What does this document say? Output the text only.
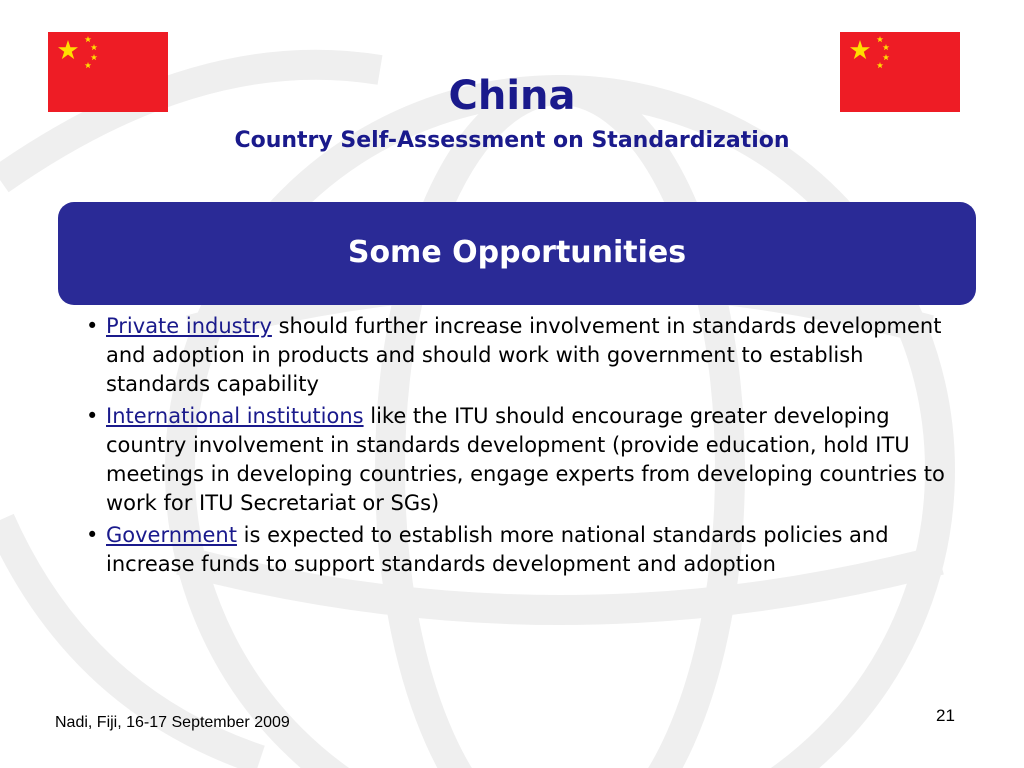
China
Country Self-Assessment on Standardization
Some Opportunities
• Private industry should further increase involvement in standards development and adoption in products and should work with government to establish standards capability
• International institutions like the ITU should encourage greater developing country involvement in standards development (provide education, hold ITU meetings in developing countries, engage experts from developing countries to work for ITU Secretariat or SGs)
• Government is expected to establish more national standards policies and increase funds to support standards development and adoption
Nadi, Fiji, 16-17 September 2009	21
